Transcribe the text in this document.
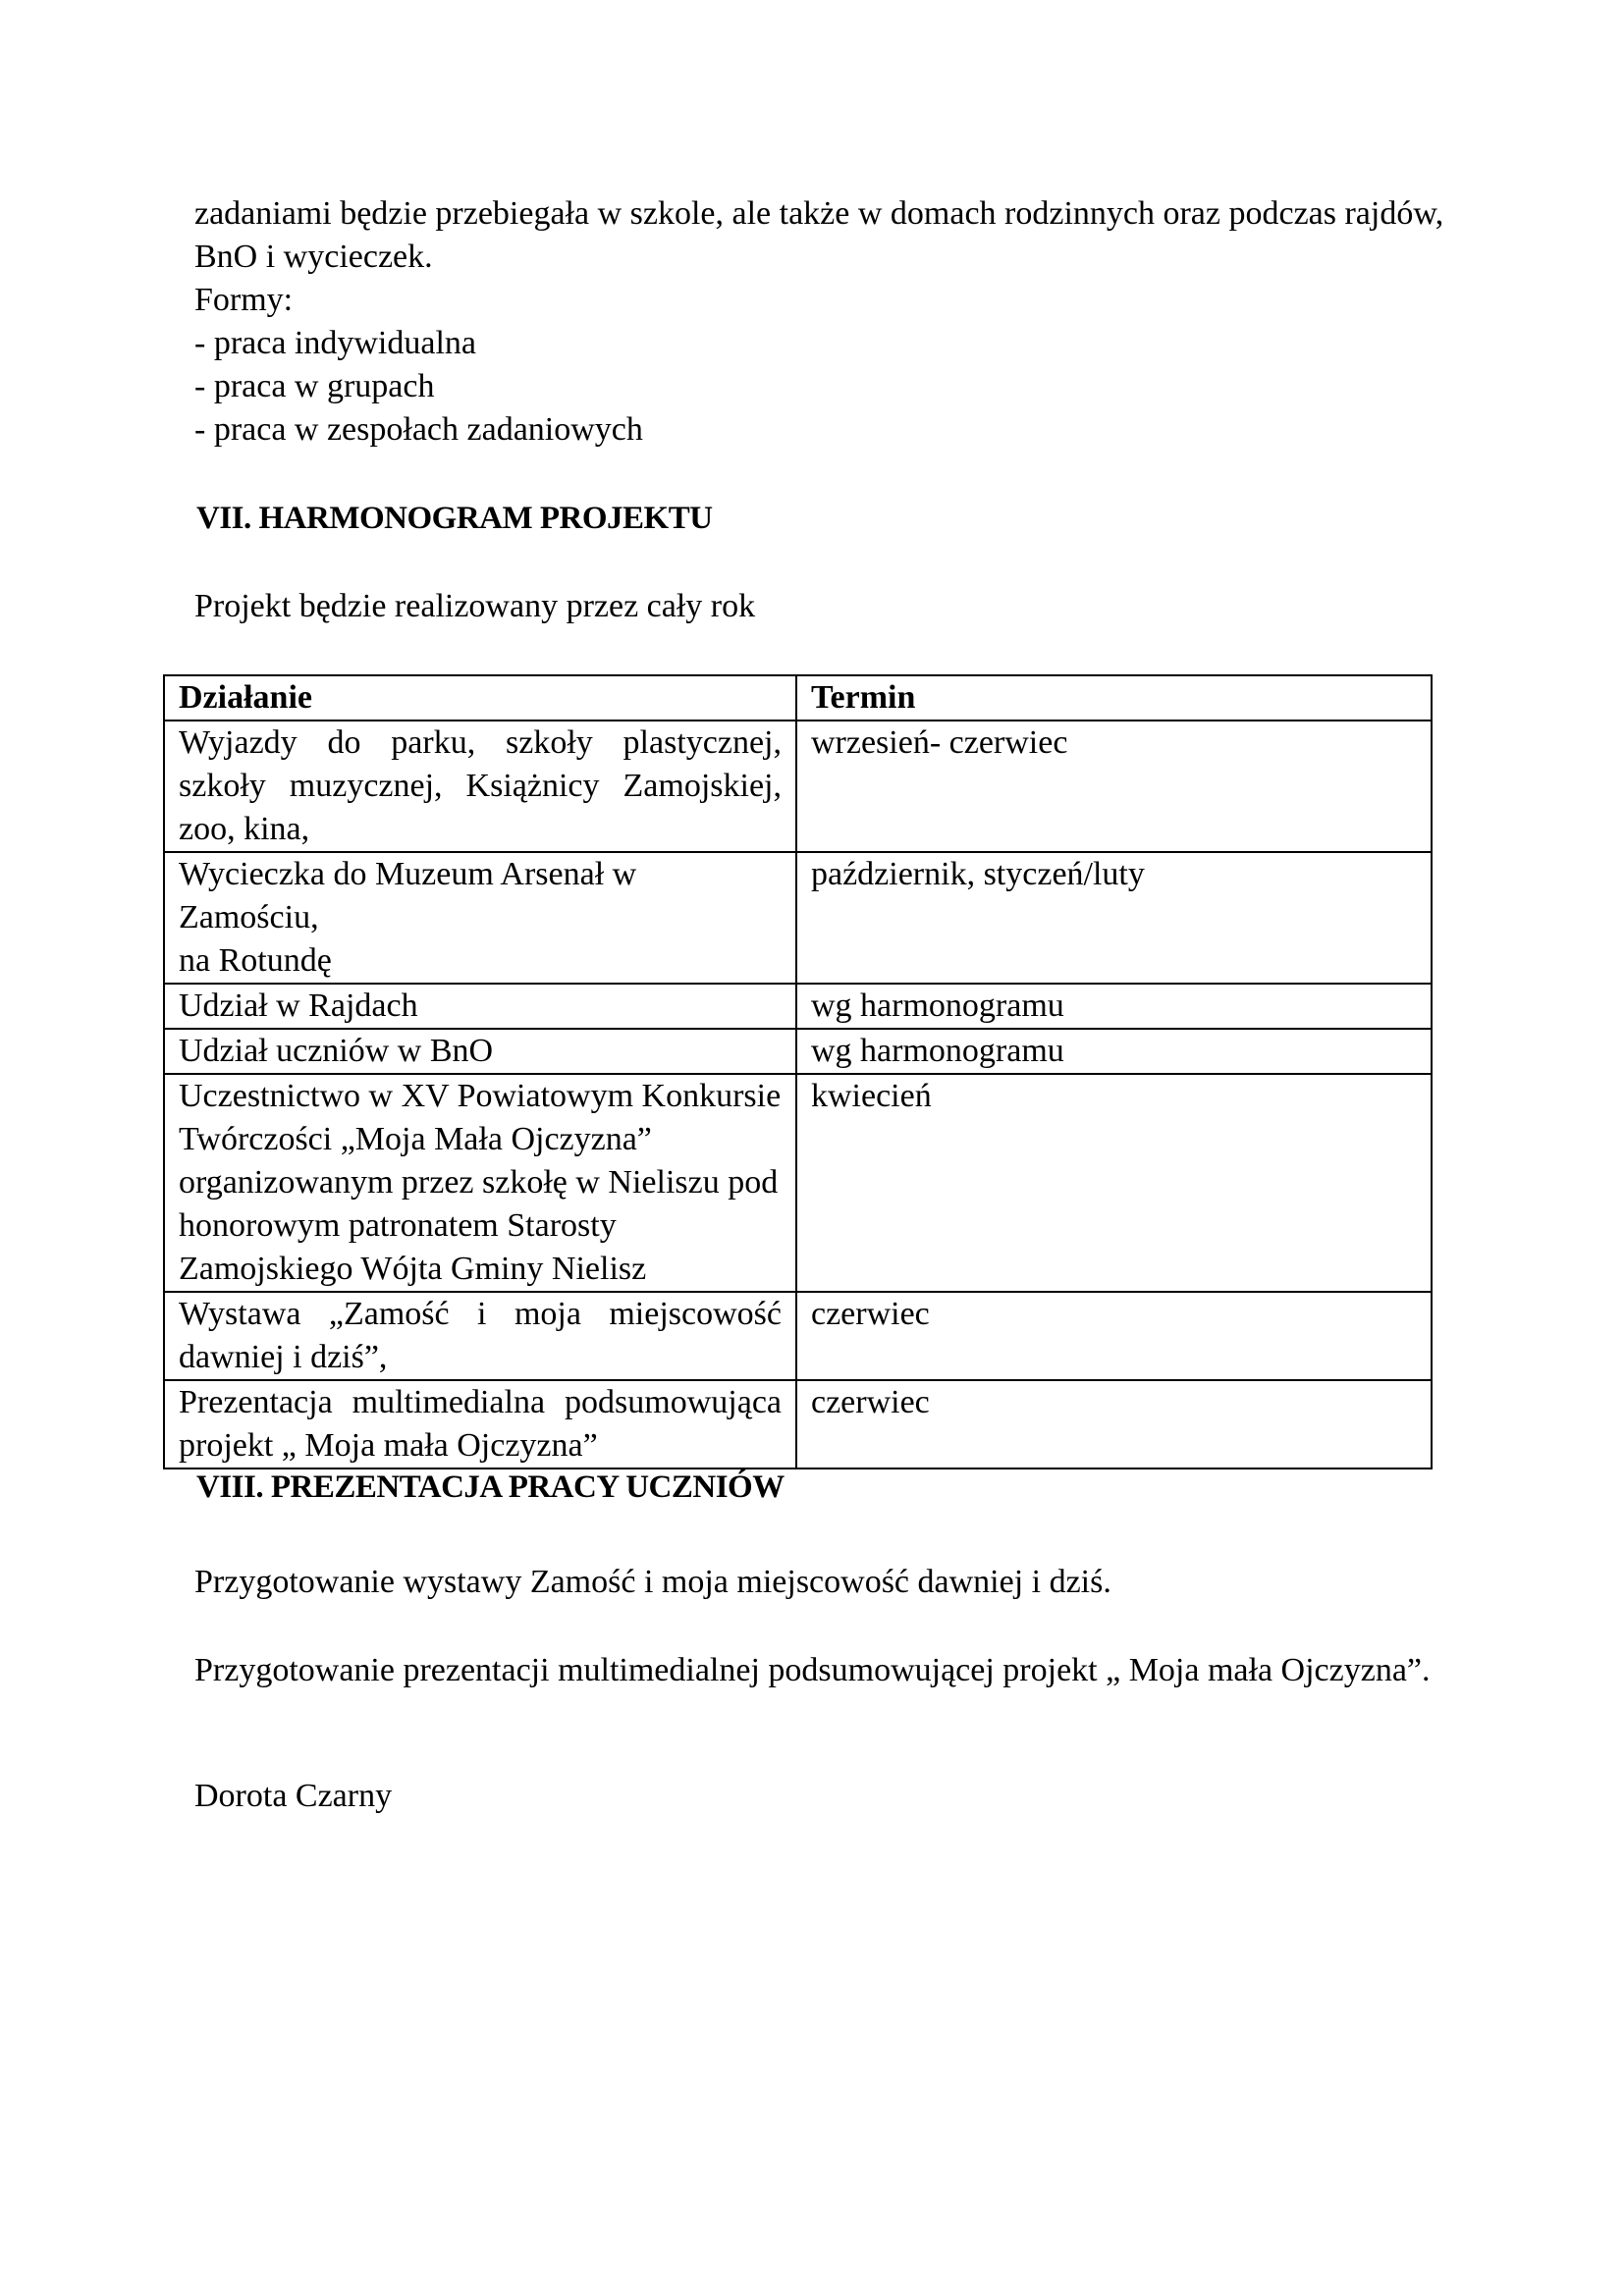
zadaniami będzie przebiegała w szkole, ale także w domach rodzinnych oraz podczas rajdów,
BnO i wycieczek.
Formy:
- praca indywidualna
- praca w grupach
- praca w zespołach zadaniowych
VII. HARMONOGRAM PROJEKTU

Projekt będzie realizowany przez cały rok

Działanie	Termin

Wyjazdy do parku, szkoły plastycznej,
szkoły muzycznej, Książnicy Zamojskiej,
zoo, kina,	wrzesień- czerwiec

Wycieczka do Muzeum Arsenał w Zamościu,
na Rotundę	październik, styczeń/luty

Udział w Rajdach	wg harmonogramu

Udział uczniów w BnO	wg harmonogramu

Uczestnictwo w XV Powiatowym Konkursie
Twórczości „Moja Mała Ojczyzna”
organizowanym przez szkołę w Nieliszu pod
honorowym patronatem Starosty
Zamojskiego Wójta Gminy Nielisz	kwiecień

Wystawa „Zamość i moja miejscowość
dawniej i dziś”,	czerwiec

Prezentacja multimedialna podsumowująca
projekt „ Moja mała Ojczyzna”	czerwiec
VIII. PREZENTACJA PRACY UCZNIÓW

Przygotowanie wystawy Zamość i moja miejscowość dawniej i dziś.

Przygotowanie prezentacji multimedialnej podsumowującej projekt „ Moja mała Ojczyzna”.

Dorota Czarny
